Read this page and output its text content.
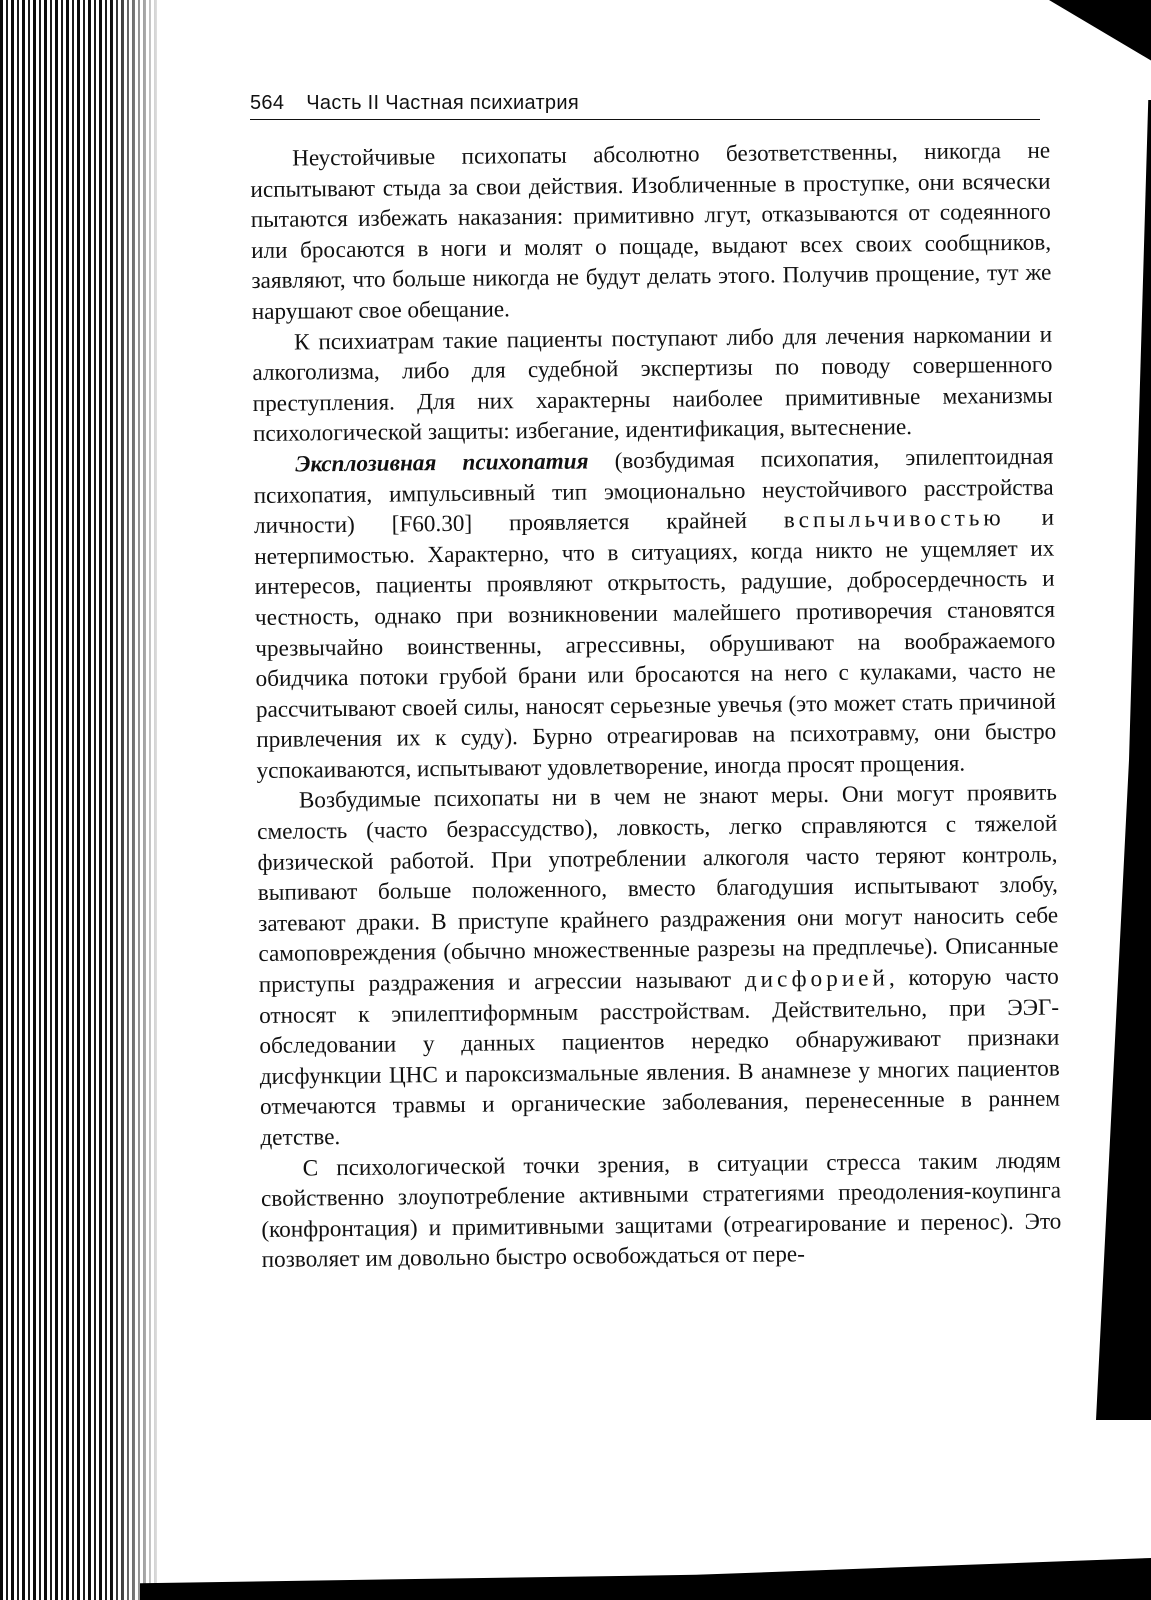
564 Часть II Частная психиатрия

Неустойчивые психопаты абсолютно безответственны, никогда не испытывают стыда за свои действия. Изобличенные в проступке, они всячески пытаются избежать наказания: примитивно лгут, отказываются от содеянного или бросаются в ноги и молят о пощаде, выдают всех своих сообщников, заявляют, что больше никогда не будут делать этого. Получив прощение, тут же нарушают свое обещание.

К психиатрам такие пациенты поступают либо для лечения наркомании и алкоголизма, либо для судебной экспертизы по поводу совершенного преступления. Для них характерны наиболее примитивные механизмы психологической защиты: избегание, идентификация, вытеснение.

Эксплозивная психопатия (возбудимая психопатия, эпилептоидная психопатия, импульсивный тип эмоционально неустойчивого расстройства личности) [F60.30] проявляется крайней вспыльчивостью и нетерпимостью. Характерно, что в ситуациях, когда никто не ущемляет их интересов, пациенты проявляют открытость, радушие, добросердечность и честность, однако при возникновении малейшего противоречия становятся чрезвычайно воинственны, агрессивны, обрушивают на воображаемого обидчика потоки грубой брани или бросаются на него с кулаками, часто не рассчитывают своей силы, наносят серьезные увечья (это может стать причиной привлечения их к суду). Бурно отреагировав на психотравму, они быстро успокаиваются, испытывают удовлетворение, иногда просят прощения.

Возбудимые психопаты ни в чем не знают меры. Они могут проявить смелость (часто безрассудство), ловкость, легко справляются с тяжелой физической работой. При употреблении алкоголя часто теряют контроль, выпивают больше положенного, вместо благодушия испытывают злобу, затевают драки. В приступе крайнего раздражения они могут наносить себе самоповреждения (обычно множественные разрезы на предплечье). Описанные приступы раздражения и агрессии называют дисфорией, которую часто относят к эпилептиформным расстройствам. Действительно, при ЭЭГ-обследовании у данных пациентов нередко обнаруживают признаки дисфункции ЦНС и пароксизмальные явления. В анамнезе у многих пациентов отмечаются травмы и органические заболевания, перенесенные в раннем детстве.

С психологической точки зрения, в ситуации стресса таким людям свойственно злоупотребление активными стратегиями преодоления-коупинга (конфронтация) и примитивными защитами (отреагирование и перенос). Это позволяет им довольно быстро освобождаться от пере-
